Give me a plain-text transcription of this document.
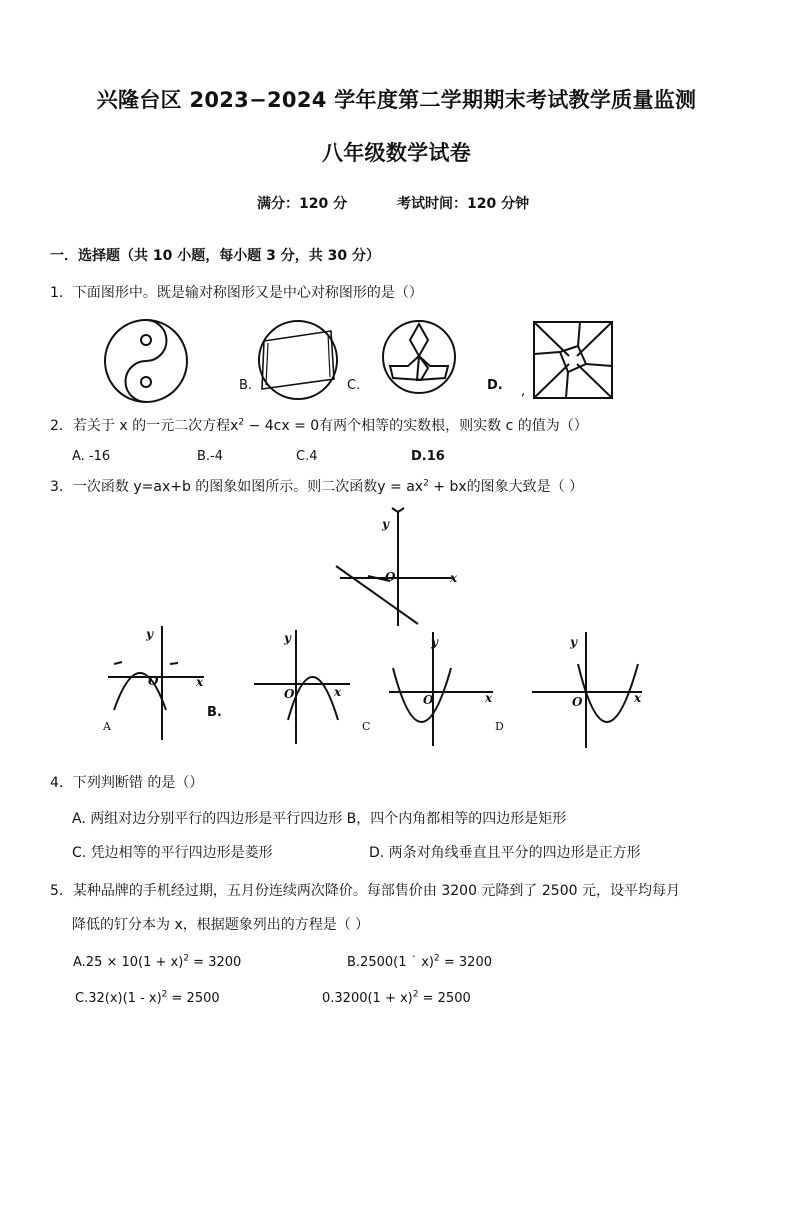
兴隆台区 2023−2024 学年度第二学期期末考试教学质量监测
八年级数学试卷
满分：120 分	考试时间：120 分钟
一．选择题（共 10 小题，每小题 3 分，共 30 分）
1．下面图形中。既是输对称图形又是中心对称图形的是（）
B.	C.	D. ,
2．若关于 x 的一元二次方程$x^2 - 4cx = 0$有两个相等的实数根，则实数 c 的值为（）
A. -16	B.-4	C.4	D.16
3．一次函数 y=ax+b 的图象如图所示。则二次函数$y = ax^2$ + bx的图象大致是（ ）
y
x
O
y
x
O
A
B.
y
x
O
y
x
O
C
y
x
O
D
4．下列判断错 的是（）
A. 两组对边分别平行的四边形是平行四边形 B，四个内角都相等的四边形是矩形
C. 凭边相等的平行四边形是菱形	D. 两条对角线垂直且平分的四边形是正方形
5．某种品牌的手机经过期，五月份连续两次降价。每部售价由 3200 元降到了 2500 元，设平均每月
降低的钉分本为 x，根据题象列出的方程是（ ）
$A.25 \times 10(1 + x)^2 = 3200$	B.2500(1 ˙ x)$^2$ = 3200
C.32(x)(1 - x)$^2$ = 2500	$0.3200(1 + x)^2 = 2500$
